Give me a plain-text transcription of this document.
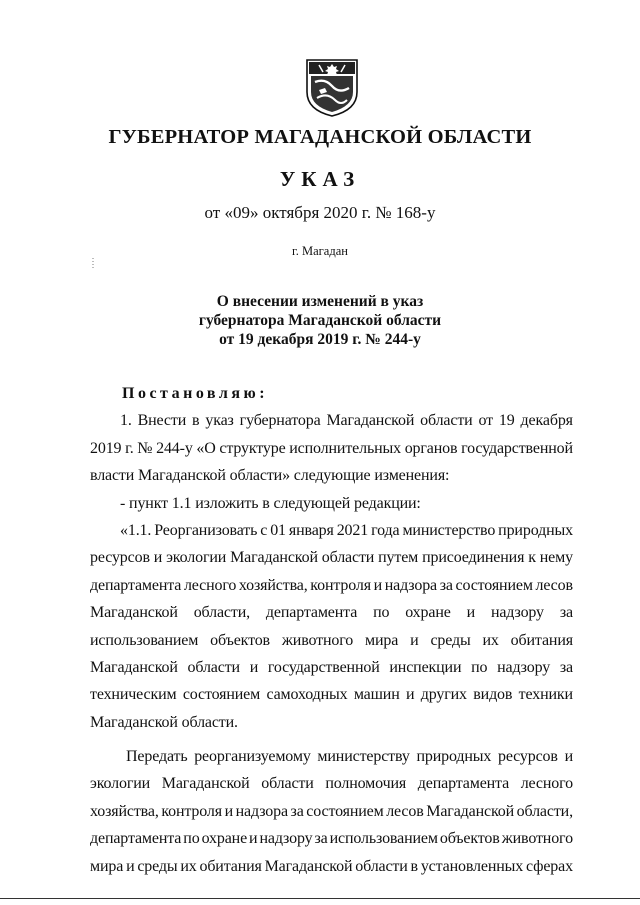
ГУБЕРНАТОР МАГАДАНСКОЙ ОБЛАСТИ
УКАЗ

от «09» октября 2020 г. № 168-у

г. Магадан

О внесении изменений в указ
губернатора Магаданской области
от 19 декабря 2019 г. № 244-у
Постановляю:
1. Внести в указ губернатора Магаданской области от 19 декабря
2019 г. № 244-у «О структуре исполнительных органов государственной
власти Магаданской области» следующие изменения:
- пункт 1.1 изложить в следующей редакции:
«1.1. Реорганизовать с 01 января 2021 года министерство природных
ресурсов и экологии Магаданской области путем присоединения к нему
департамента лесного хозяйства, контроля и надзора за состоянием лесов
Магаданской области, департамента по охране и надзору за
использованием объектов животного мира и среды их обитания
Магаданской области и государственной инспекции по надзору за
техническим состоянием самоходных машин и других видов техники
Магаданской области.
Передать реорганизуемому министерству природных ресурсов и
экологии Магаданской области полномочия департамента лесного
хозяйства, контроля и надзора за состоянием лесов Магаданской области,
департамента по охране и надзору за использованием объектов животного
мира и среды их обитания Магаданской области в установленных сферах
